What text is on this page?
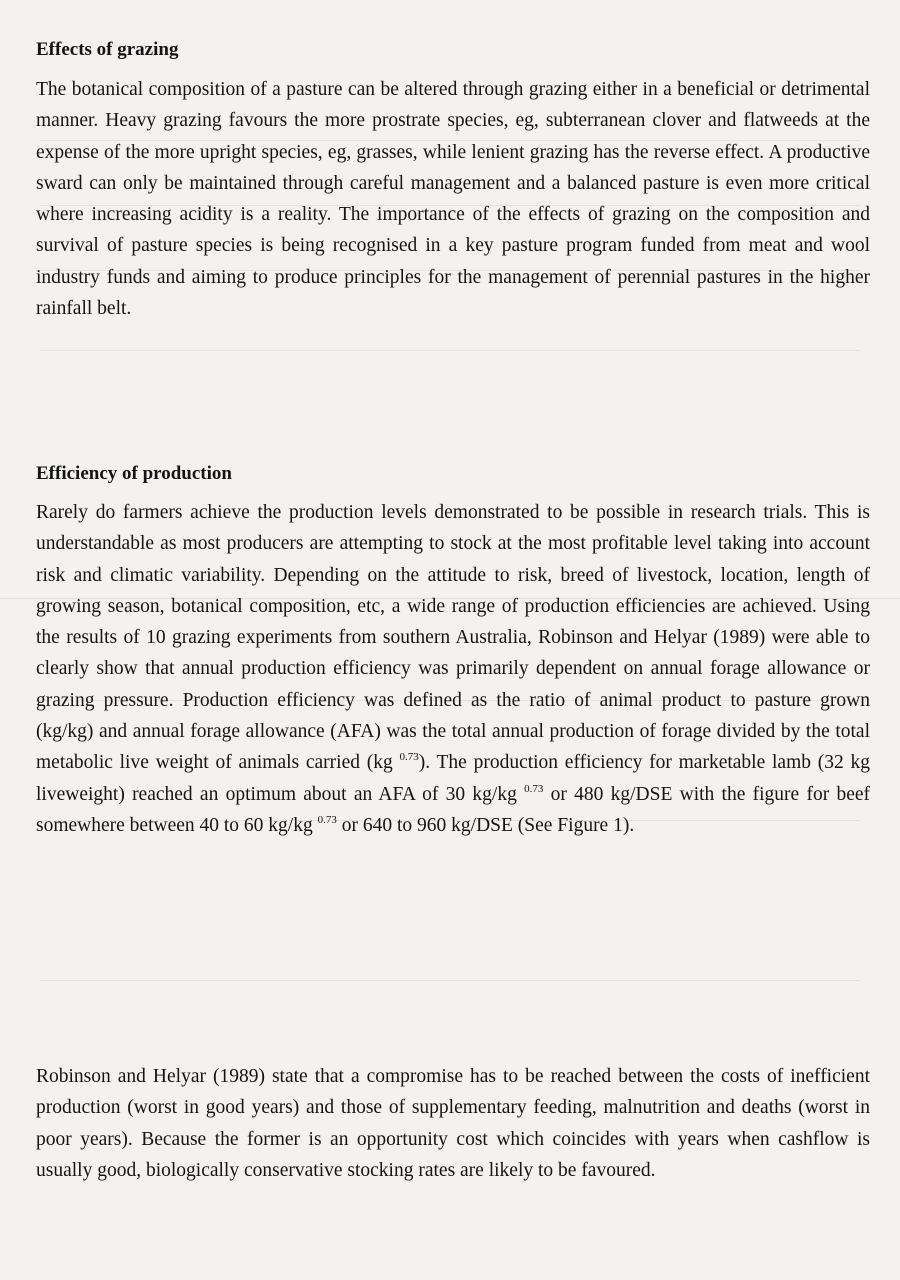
Effects of grazing

The botanical composition of a pasture can be altered through grazing either in a beneficial or detrimental manner. Heavy grazing favours the more prostrate species, eg, subterranean clover and flatweeds at the expense of the more upright species, eg, grasses, while lenient grazing has the reverse effect. A productive sward can only be maintained through careful management and a balanced pasture is even more critical where increasing acidity is a reality. The importance of the effects of grazing on the composition and survival of pasture species is being recognised in a key pasture program funded from meat and wool industry funds and aiming to produce principles for the management of perennial pastures in the higher rainfall belt.

Efficiency of production

Rarely do farmers achieve the production levels demonstrated to be possible in research trials. This is understandable as most producers are attempting to stock at the most profitable level taking into account risk and climatic variability. Depending on the attitude to risk, breed of livestock, location, length of growing season, botanical composition, etc, a wide range of production efficiencies are achieved. Using the results of 10 grazing experiments from southern Australia, Robinson and Helyar (1989) were able to clearly show that annual production efficiency was primarily dependent on annual forage allowance or grazing pressure. Production efficiency was defined as the ratio of animal product to pasture grown (kg/kg) and annual forage allowance (AFA) was the total annual production of forage divided by the total metabolic live weight of animals carried (kg $^{0.73}$). The production efficiency for marketable lamb (32 kg liveweight) reached an optimum about an AFA of 30 kg/kg $^{0.73}$ or 480 kg/DSE with the figure for beef somewhere between 40 to 60 kg/kg $^{0.73}$ or 640 to 960 kg/DSE (See Figure 1).

Robinson and Helyar (1989) state that a compromise has to be reached between the costs of inefficient production (worst in good years) and those of supplementary feeding, malnutrition and deaths (worst in poor years). Because the former is an opportunity cost which coincides with years when cashflow is usually good, biologically conservative stocking rates are likely to be favoured.
